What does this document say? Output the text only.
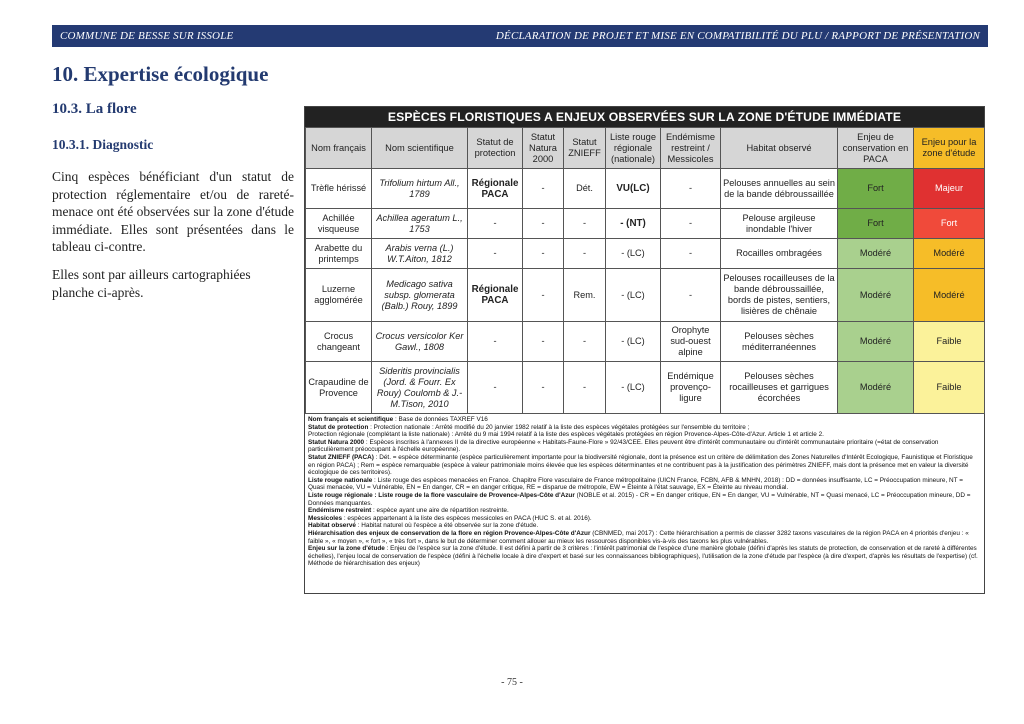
COMMUNE DE BESSE SUR ISSOLE	DÉCLARATION DE PROJET ET MISE EN COMPATIBILITÉ DU PLU / RAPPORT DE PRÉSENTATION
10. Expertise écologique
10.3. La flore
10.3.1. Diagnostic
Cinq espèces bénéficiant d'un statut de protection réglementaire et/ou de rareté-menace ont été observées sur la zone d'étude immédiate. Elles sont présentées dans le tableau ci-contre.
Elles sont par ailleurs cartographiées planche ci-après.
ESPÈCES FLORISTIQUES A ENJEUX OBSERVÉES SUR LA ZONE D'ÉTUDE IMMÉDIATE
Nom français	Nom scientifique	Statut de protection	Statut Natura 2000	Statut ZNIEFF	Liste rouge régionale (nationale)	Endémisme restreint / Messicoles	Habitat observé	Enjeu de conservation en PACA	Enjeu pour la zone d'étude
Trèfle hérissé	Trifolium hirtum All., 1789	Régionale PACA	-	Dét.	VU(LC)	-	Pelouses annuelles au sein de la bande débroussaillée	Fort	Majeur
Achillée visqueuse	Achillea ageratum L., 1753	-	-	-	- (NT)	-	Pelouse argileuse inondable l'hiver	Fort	Fort
Arabette du printemps	Arabis verna (L.) W.T.Aiton, 1812	-	-	-	- (LC)	-	Rocailles ombragées	Modéré	Modéré
Luzerne agglomérée	Medicago sativa subsp. glomerata (Balb.) Rouy, 1899	Régionale PACA	-	Rem.	- (LC)	-	Pelouses rocailleuses de la bande débroussaillée, bords de pistes, sentiers, lisières de chênaie	Modéré	Modéré
Crocus changeant	Crocus versicolor Ker Gawl., 1808	-	-	-	- (LC)	Orophyte sud-ouest alpine	Pelouses sèches méditerranéennes	Modéré	Faible
Crapaudine de Provence	Sideritis provincialis (Jord. & Fourr. Ex Rouy) Coulomb & J.-M.Tison, 2010	-	-	-	- (LC)	Endémique provenço-ligure	Pelouses sèches rocailleuses et garrigues écorchées	Modéré	Faible
Nom français et scientifique : Base de données TAXREF V16
Statut de protection : Protection nationale : Arrêté modifié du 20 janvier 1982 relatif à la liste des espèces végétales protégées sur l'ensemble du territoire ;
Protection régionale (complétant la liste nationale) : Arrêté du 9 mai 1994 relatif à la liste des espèces végétales protégées en région Provence-Alpes-Côte-d'Azur. Article 1 et article 2.
Statut Natura 2000 : Espèces inscrites à l'annexes II de la directive européenne « Habitats-Faune-Flore » 92/43/CEE. Elles peuvent être d'intérêt communautaire ou d'intérêt communautaire prioritaire (=état de conservation particulièrement préoccupant à l'échelle européenne).
Statut ZNIEFF (PACA) : Dét. = espèce déterminante (espèce particulièrement importante pour la biodiversité régionale, dont la présence est un critère de délimitation des Zones Naturelles d'Intérêt Ecologique, Faunistique et Floristique en région PACA) ; Rem = espèce remarquable (espèce à valeur patrimoniale moins élevée que les espèces déterminantes et ne contribuent pas à la justification des périmètres ZNIEFF, mais dont la présence met en valeur la diversité écologique de ces territoires).
Liste rouge nationale : Liste rouge des espèces menacées en France. Chapitre Flore vasculaire de France métropolitaine (UICN France, FCBN, AFB & MNHN, 2018) : DD = données insuffisante, LC = Préoccupation mineure, NT = Quasi menacée, VU = Vulnérable, EN = En danger, CR = en danger critique, RE = disparue de métropole, EW = Éteinte à l'état sauvage, EX = Éteinte au niveau mondial.
Liste rouge régionale : Liste rouge de la flore vasculaire de Provence-Alpes-Côte d'Azur (NOBLE et al. 2015) - CR = En danger critique, EN = En danger, VU = Vulnérable, NT = Quasi menacé, LC = Préoccupation mineure, DD = Données manquantes.
Endémisme restreint : espèce ayant une aire de répartition restreinte.
Messicoles : espèces appartenant à la liste des espèces messicoles en PACA (HUC S. et al. 2016).
Habitat observé : Habitat naturel où l'espèce a été observée sur la zone d'étude.
Hiérarchisation des enjeux de conservation de la flore en région Provence-Alpes-Côte d'Azur (CBNMED, mai 2017) : Cette hiérarchisation a permis de classer 3282 taxons vasculaires de la région PACA en 4 priorités d'enjeu : « faible », « moyen », « fort », « très fort », dans le but de déterminer comment allouer au mieux les ressources disponibles vis-à-vis des taxons les plus vulnérables.
Enjeu sur la zone d'étude : Enjeu de l'espèce sur la zone d'étude. Il est défini à partir de 3 critères : l'intérêt patrimonial de l'espèce d'une manière globale (défini d'après les statuts de protection, de conservation et de rareté à différentes échelles), l'enjeu local de conservation de l'espèce (défini à l'échelle locale à dire d'expert et basé sur les connaissances bibliographiques), l'utilisation de la zone d'étude par l'espèce (à dire d'expert, d'après les résultats de l'expertise) (cf. Méthode de hiérarchisation des enjeux)
- 75 -
